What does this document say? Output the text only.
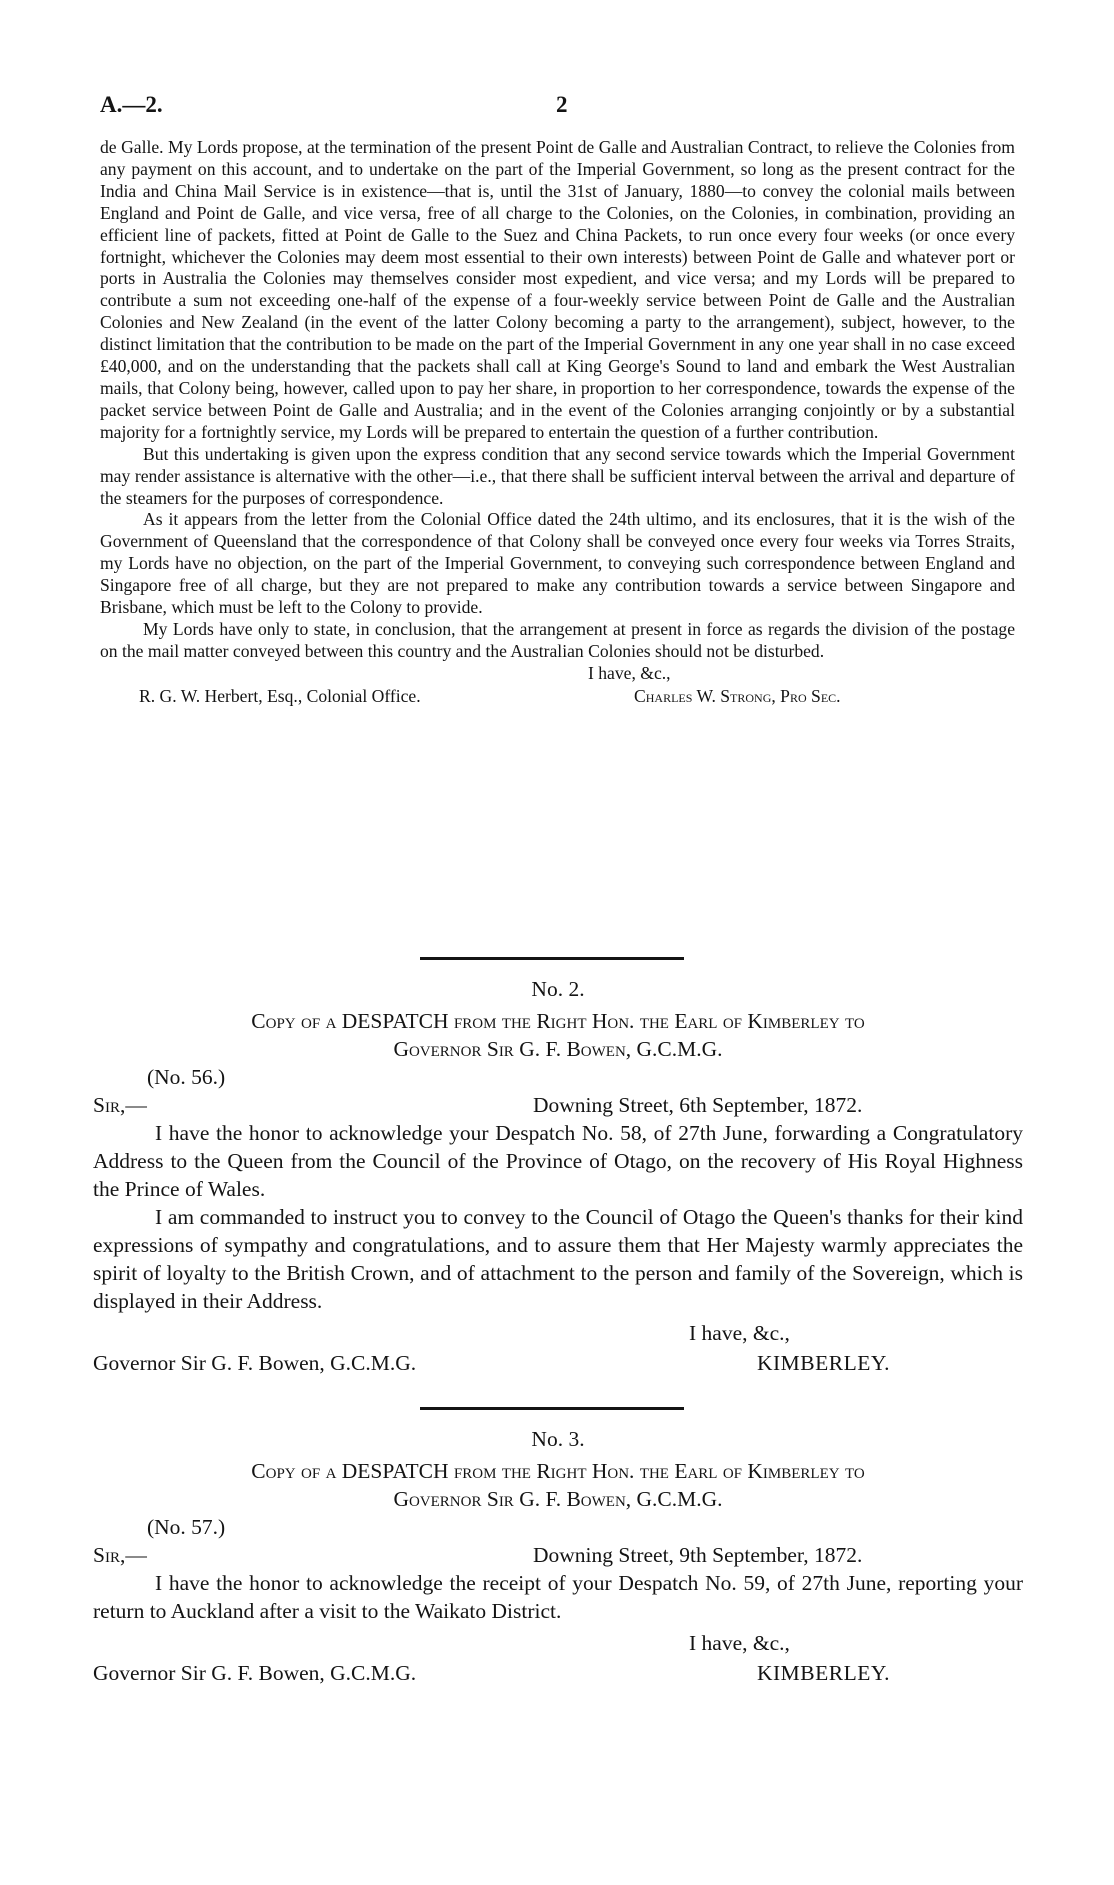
A.—2.	2

de Galle. My Lords propose, at the termination of the present Point de Galle and Australian Contract, to relieve the Colonies from any payment on this account, and to undertake on the part of the Imperial Government, so long as the present contract for the India and China Mail Service is in existence—that is, until the 31st of January, 1880—to convey the colonial mails between England and Point de Galle, and vice versa, free of all charge to the Colonies, on the Colonies, in combination, providing an efficient line of packets, fitted at Point de Galle to the Suez and China Packets, to run once every four weeks (or once every fortnight, whichever the Colonies may deem most essential to their own interests) between Point de Galle and whatever port or ports in Australia the Colonies may themselves consider most expedient, and vice versa; and my Lords will be prepared to contribute a sum not exceeding one-half of the expense of a four-weekly service between Point de Galle and the Australian Colonies and New Zealand (in the event of the latter Colony becoming a party to the arrangement), subject, however, to the distinct limitation that the contribution to be made on the part of the Imperial Government in any one year shall in no case exceed £40,000, and on the understanding that the packets shall call at King George's Sound to land and embark the West Australian mails, that Colony being, however, called upon to pay her share, in proportion to her correspondence, towards the expense of the packet service between Point de Galle and Australia; and in the event of the Colonies arranging conjointly or by a substantial majority for a fortnightly service, my Lords will be prepared to entertain the question of a further contribution.

But this undertaking is given upon the express condition that any second service towards which the Imperial Government may render assistance is alternative with the other—i.e., that there shall be sufficient interval between the arrival and departure of the steamers for the purposes of correspondence.

As it appears from the letter from the Colonial Office dated the 24th ultimo, and its enclosures, that it is the wish of the Government of Queensland that the correspondence of that Colony shall be conveyed once every four weeks via Torres Straits, my Lords have no objection, on the part of the Imperial Government, to conveying such correspondence between England and Singapore free of all charge, but they are not prepared to make any contribution towards a service between Singapore and Brisbane, which must be left to the Colony to provide.

My Lords have only to state, in conclusion, that the arrangement at present in force as regards the division of the postage on the mail matter conveyed between this country and the Australian Colonies should not be disturbed.

I have, &c.,
R. G. W. Herbert, Esq., Colonial Office.	Charles W. Strong, Pro Sec.

No. 2.

Copy of a DESPATCH from the Right Hon. the Earl of Kimberley to

Governor Sir G. F. Bowen, G.C.M.G.

(No. 56.)

Sir,—	Downing Street, 6th September, 1872.

I have the honor to acknowledge your Despatch No. 58, of 27th June, forwarding a Congratulatory Address to the Queen from the Council of the Province of Otago, on the recovery of His Royal Highness the Prince of Wales.

I am commanded to instruct you to convey to the Council of Otago the Queen's thanks for their kind expressions of sympathy and congratulations, and to assure them that Her Majesty warmly appreciates the spirit of loyalty to the British Crown, and of attachment to the person and family of the Sovereign, which is displayed in their Address.

I have, &c.,
Governor Sir G. F. Bowen, G.C.M.G.	KIMBERLEY.

No. 3.

Copy of a DESPATCH from the Right Hon. the Earl of Kimberley to

Governor Sir G. F. Bowen, G.C.M.G.

(No. 57.)

Sir,—	Downing Street, 9th September, 1872.

I have the honor to acknowledge the receipt of your Despatch No. 59, of 27th June, reporting your return to Auckland after a visit to the Waikato District.

I have, &c.,
Governor Sir G. F. Bowen, G.C.M.G.	KIMBERLEY.
